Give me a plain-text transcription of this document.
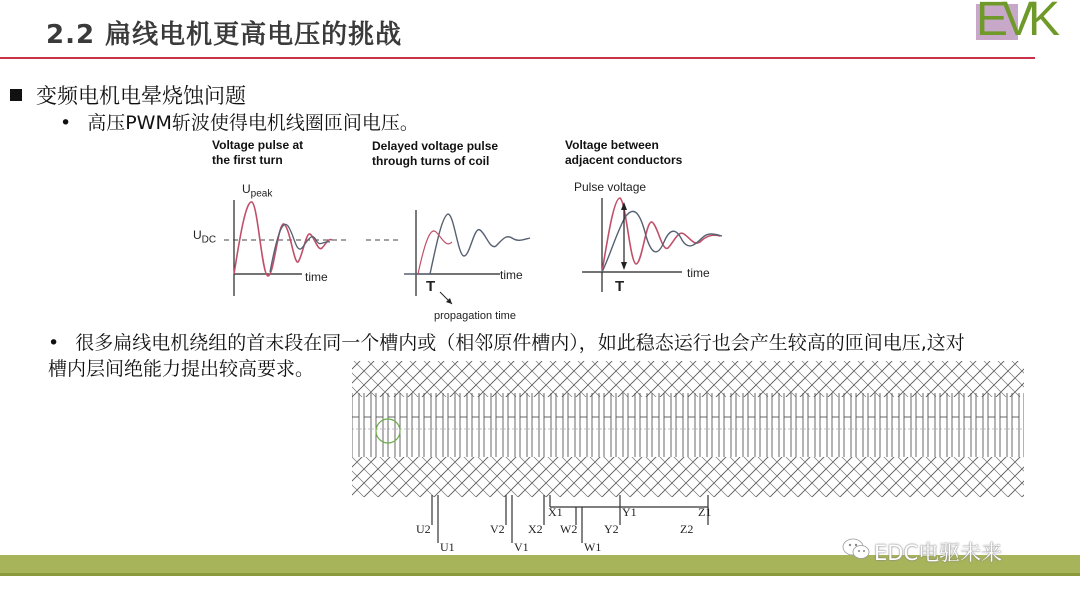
2.2 扁线电机更高电压的挑战	EVK
变频电机电晕烧蚀问题
• 高压PWM斩波使得电机线圈匝间电压。
Voltage pulse at
the first turn
Delayed voltage pulse
through turns of coil
Voltage between
adjacent conductors
$U_{peak}$
$U_{DC}$
time	time	time
T	T
propagation time
Pulse voltage
• 很多扁线电机绕组的首末段在同一个槽内或（相邻原件槽内），如此稳态运行也会产生较高的匝间电压,这对
槽内层间绝能力提出较高要求。
U2
U1
V2
V1
X2 W2
W1
X1
Y2
Y1
Z2
Z1
EDC电驱未来
